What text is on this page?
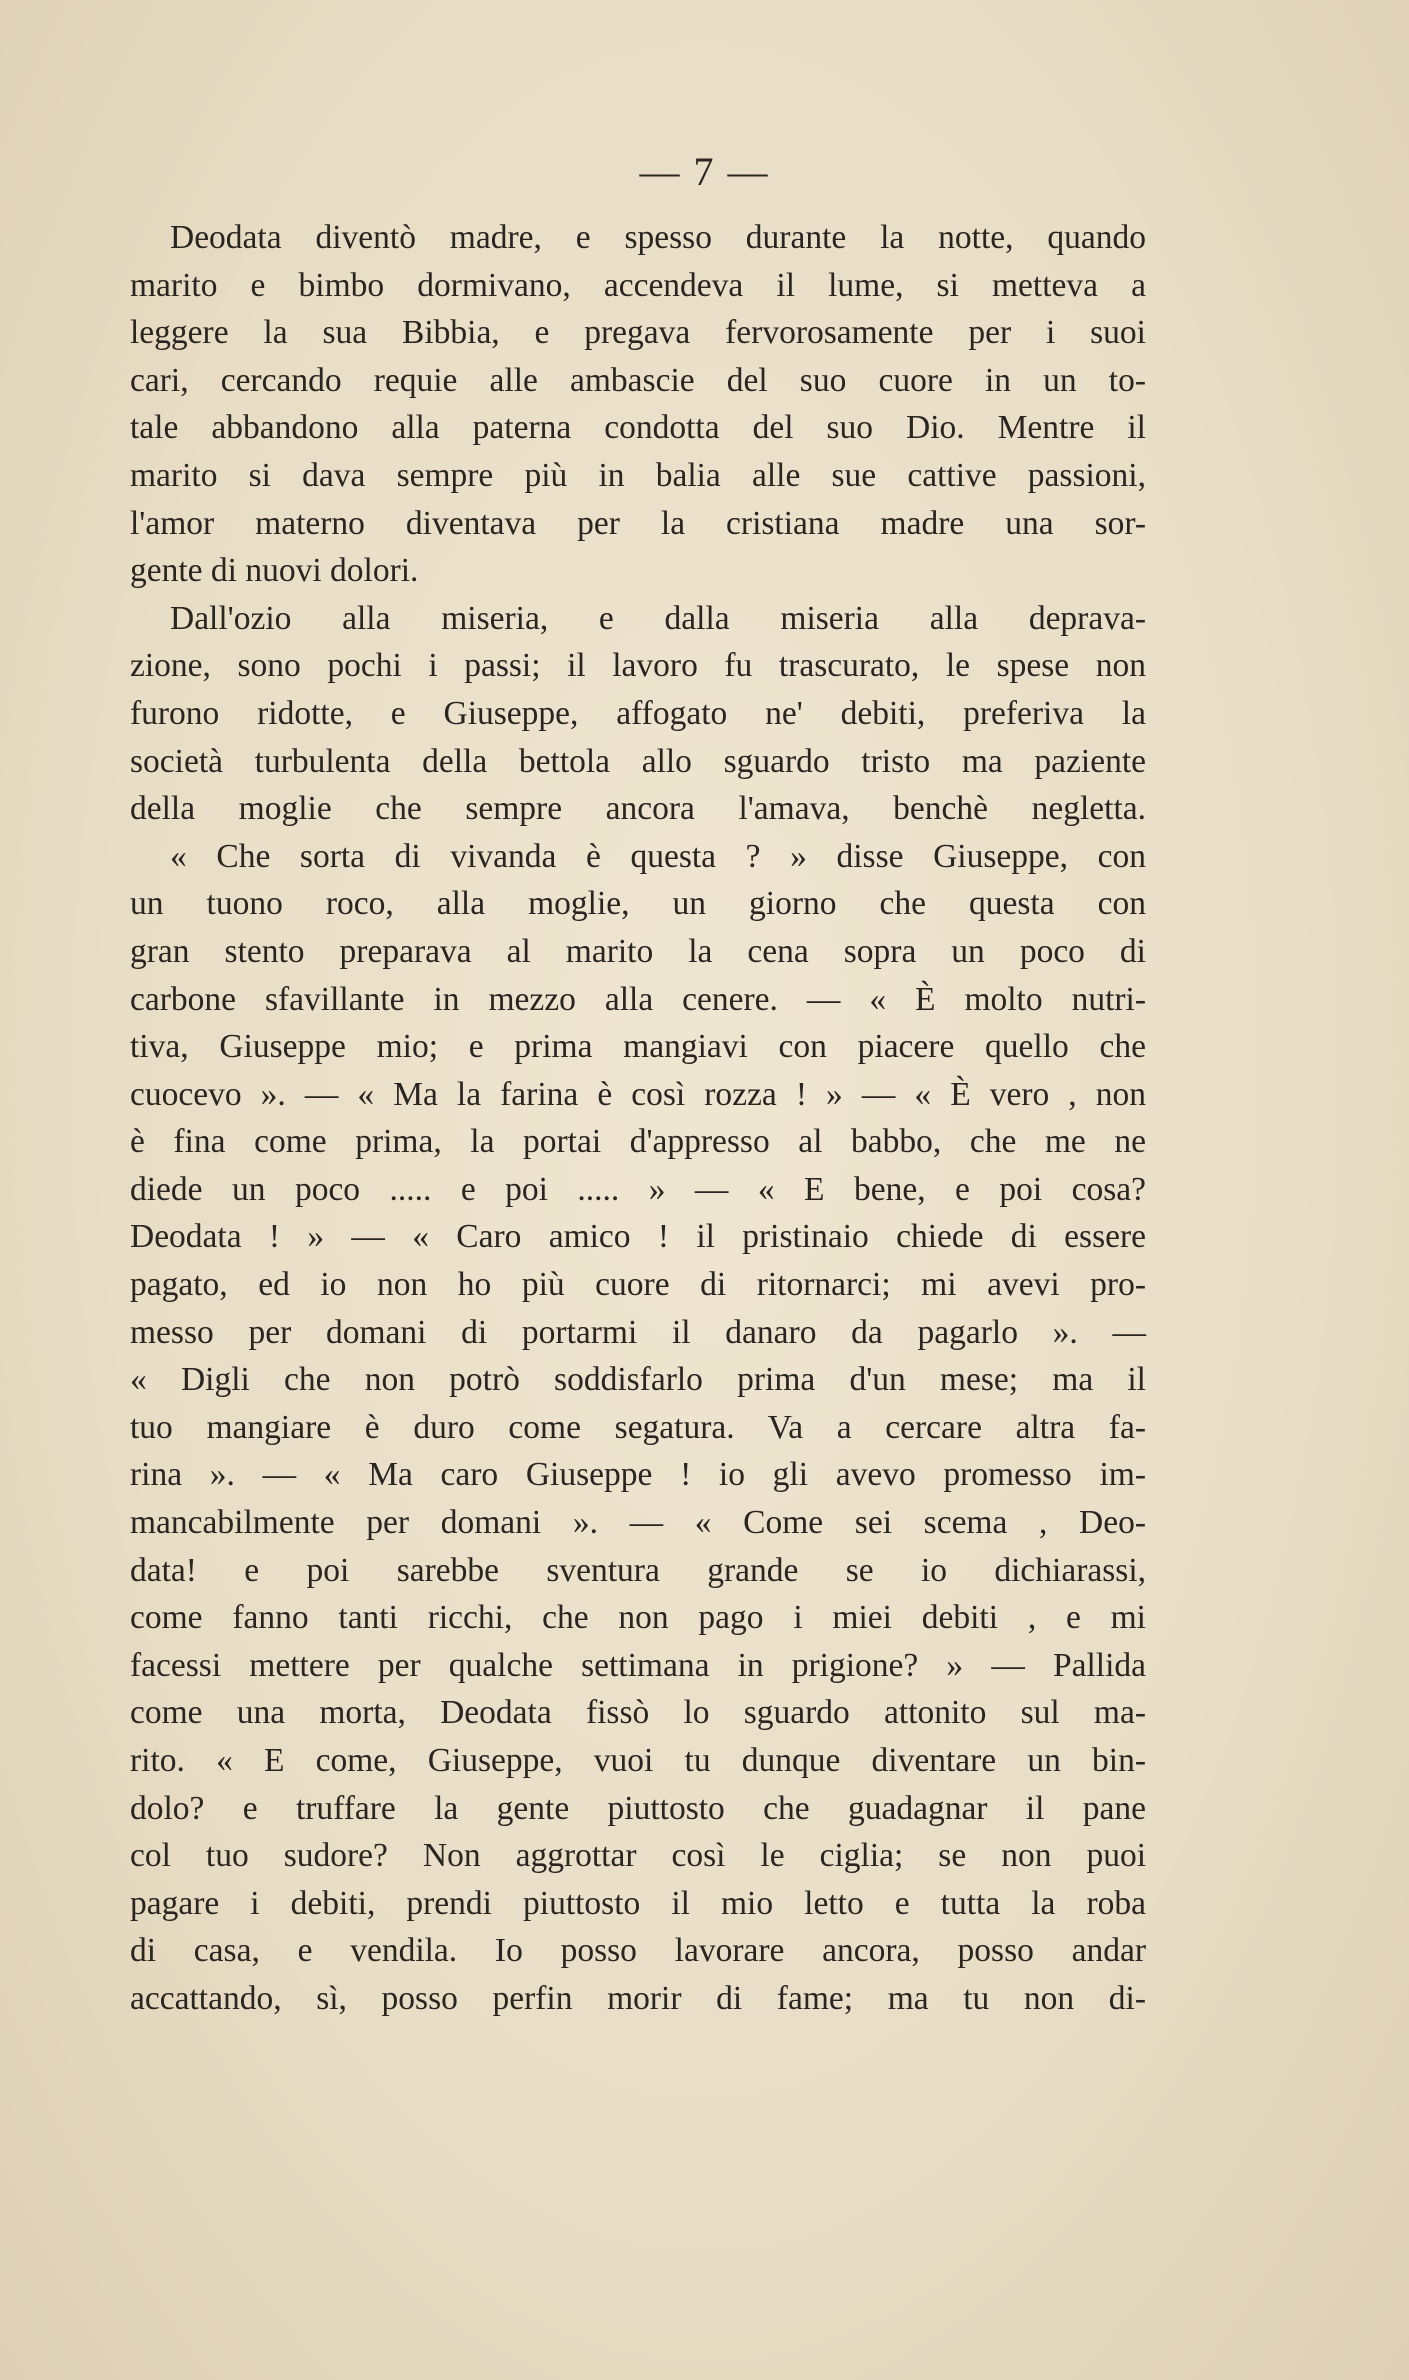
— 7 —
Deodata diventò madre, e spesso durante la notte, quando
marito e bimbo dormivano, accendeva il lume, si metteva a
leggere la sua Bibbia, e pregava fervorosamente per i suoi
cari, cercando requie alle ambascie del suo cuore in un to-
tale abbandono alla paterna condotta del suo Dio. Mentre il
marito si dava sempre più in balia alle sue cattive passioni,
l'amor materno diventava per la cristiana madre una sor-
gente di nuovi dolori.
Dall'ozio alla miseria, e dalla miseria alla deprava-
zione, sono pochi i passi; il lavoro fu trascurato, le spese non
furono ridotte, e Giuseppe, affogato ne' debiti, preferiva la
società turbulenta della bettola allo sguardo tristo ma paziente
della moglie che sempre ancora l'amava, benchè negletta.
« Che sorta di vivanda è questa ? » disse Giuseppe, con
un tuono roco, alla moglie, un giorno che questa con
gran stento preparava al marito la cena sopra un poco di
carbone sfavillante in mezzo alla cenere. — « È molto nutri-
tiva, Giuseppe mio; e prima mangiavi con piacere quello che
cuocevo ». — « Ma la farina è così rozza ! » — « È vero , non
è fina come prima, la portai d'appresso al babbo, che me ne
diede un poco ..... e poi ..... » — « E bene, e poi cosa?
Deodata ! » — « Caro amico ! il pristinaio chiede di essere
pagato, ed io non ho più cuore di ritornarci; mi avevi pro-
messo per domani di portarmi il danaro da pagarlo ». —
« Digli che non potrò soddisfarlo prima d'un mese; ma il
tuo mangiare è duro come segatura. Va a cercare altra fa-
rina ». — « Ma caro Giuseppe ! io gli avevo promesso im-
mancabilmente per domani ». — « Come sei scema , Deo-
data! e poi sarebbe sventura grande se io dichiarassi,
come fanno tanti ricchi, che non pago i miei debiti , e mi
facessi mettere per qualche settimana in prigione? » — Pallida
come una morta, Deodata fissò lo sguardo attonito sul ma-
rito. « E come, Giuseppe, vuoi tu dunque diventare un bin-
dolo? e truffare la gente piuttosto che guadagnar il pane
col tuo sudore? Non aggrottar così le ciglia; se non puoi
pagare i debiti, prendi piuttosto il mio letto e tutta la roba
di casa, e vendila. Io posso lavorare ancora, posso andar
accattando, sì, posso perfin morir di fame; ma tu non di-
